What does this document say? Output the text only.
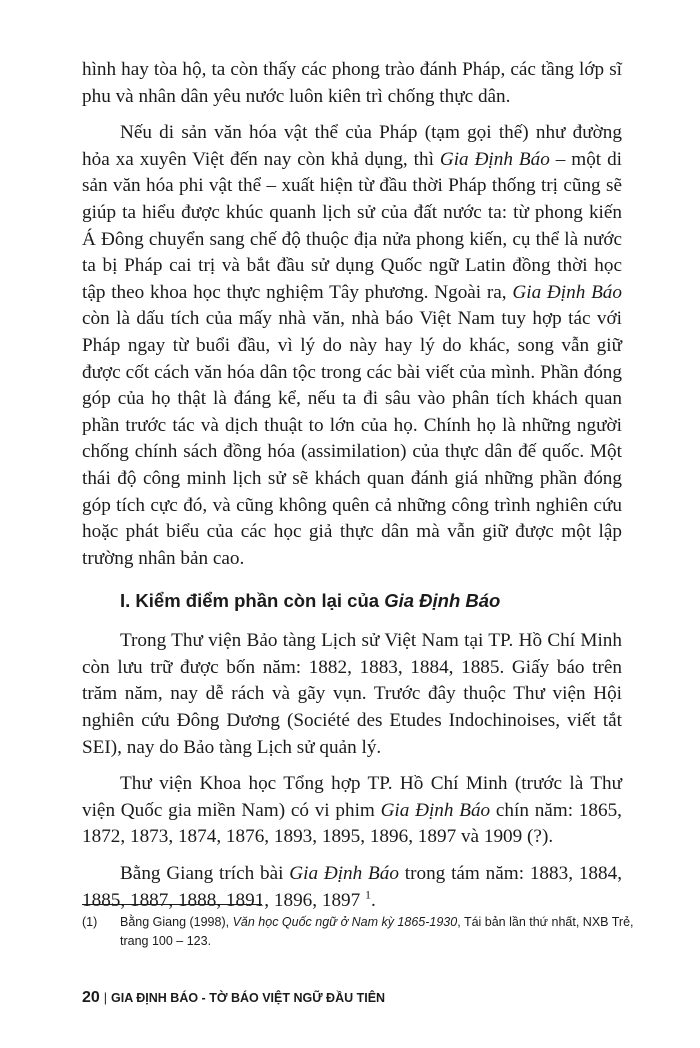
hình hay tòa hộ, ta còn thấy các phong trào đánh Pháp, các tầng lớp sĩ phu và nhân dân yêu nước luôn kiên trì chống thực dân.

Nếu di sản văn hóa vật thể của Pháp (tạm gọi thế) như đường hỏa xa xuyên Việt đến nay còn khả dụng, thì Gia Định Báo – một di sản văn hóa phi vật thể – xuất hiện từ đầu thời Pháp thống trị cũng sẽ giúp ta hiểu được khúc quanh lịch sử của đất nước ta: từ phong kiến Á Đông chuyển sang chế độ thuộc địa nửa phong kiến, cụ thể là nước ta bị Pháp cai trị và bắt đầu sử dụng Quốc ngữ Latin đồng thời học tập theo khoa học thực nghiệm Tây phương. Ngoài ra, Gia Định Báo còn là dấu tích của mấy nhà văn, nhà báo Việt Nam tuy hợp tác với Pháp ngay từ buổi đầu, vì lý do này hay lý do khác, song vẫn giữ được cốt cách văn hóa dân tộc trong các bài viết của mình. Phần đóng góp của họ thật là đáng kể, nếu ta đi sâu vào phân tích khách quan phần trước tác và dịch thuật to lớn của họ. Chính họ là những người chống chính sách đồng hóa (assimilation) của thực dân đế quốc. Một thái độ công minh lịch sử sẽ khách quan đánh giá những phần đóng góp tích cực đó, và cũng không quên cả những công trình nghiên cứu hoặc phát biểu của các học giả thực dân mà vẫn giữ được một lập trường nhân bản cao.

I. Kiểm điểm phần còn lại của Gia Định Báo

Trong Thư viện Bảo tàng Lịch sử Việt Nam tại TP. Hồ Chí Minh còn lưu trữ được bốn năm: 1882, 1883, 1884, 1885. Giấy báo trên trăm năm, nay dễ rách và gãy vụn. Trước đây thuộc Thư viện Hội nghiên cứu Đông Dương (Société des Etudes Indochinoises, viết tắt SEI), nay do Bảo tàng Lịch sử quản lý.

Thư viện Khoa học Tổng hợp TP. Hồ Chí Minh (trước là Thư viện Quốc gia miền Nam) có vi phim Gia Định Báo chín năm: 1865, 1872, 1873, 1874, 1876, 1893, 1895, 1896, 1897 và 1909 (?).

Bằng Giang trích bài Gia Định Báo trong tám năm: 1883, 1884, 1885, 1887, 1888, 1891, 1896, 1897 $^1$.

(1)	Bằng Giang (1998), Văn học Quốc ngữ ở Nam kỳ 1865-1930, Tái bản lần thứ nhất, NXB Trẻ, trang 100 – 123.
20 | GIA ĐỊNH BÁO - TỜ BÁO VIỆT NGỮ ĐẦU TIÊN
